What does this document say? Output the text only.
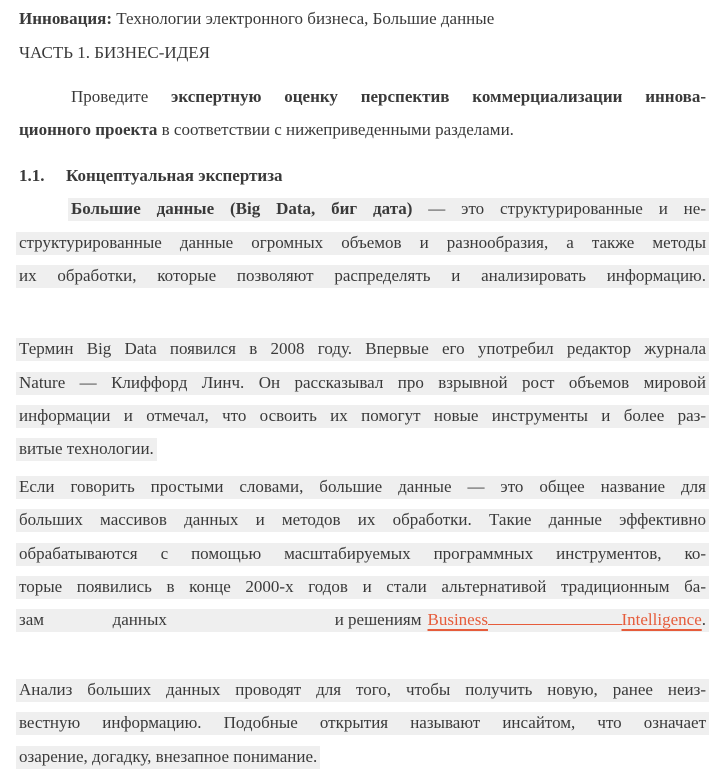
Инновация: Технологии электронного бизнеса, Большие данные
ЧАСТЬ 1. БИЗНЕС-ИДЕЯ
Проведите экспертную оценку перспектив коммерциализации иннова-
ционного проекта в соответствии с нижеприведенными разделами.
1.1. Концептуальная экспертиза
Большие данные (Big Data, биг дата) — это структурированные и не-
структурированные данные огромных объемов и разнообразия, а также методы
их обработки, которые позволяют распределять и анализировать информацию.
Термин Big Data появился в 2008 году. Впервые его употребил редактор журнала
Nature — Клиффорд Линч. Он рассказывал про взрывной рост объемов мировой
информации и отмечал, что освоить их помогут новые инструменты и более раз-
витые технологии.
Если говорить простыми словами, большие данные — это общее название для
больших массивов данных и методов их обработки. Такие данные эффективно
обрабатываются с помощью масштабируемых программных инструментов, ко-
торые появились в конце 2000-х годов и стали альтернативой традиционным ба-
зам	данных	и решениям Business	Intelligence .
Анализ больших данных проводят для того, чтобы получить новую, ранее неиз-
вестную информацию. Подобные открытия называют инсайтом, что означает
озарение, догадку, внезапное понимание.
